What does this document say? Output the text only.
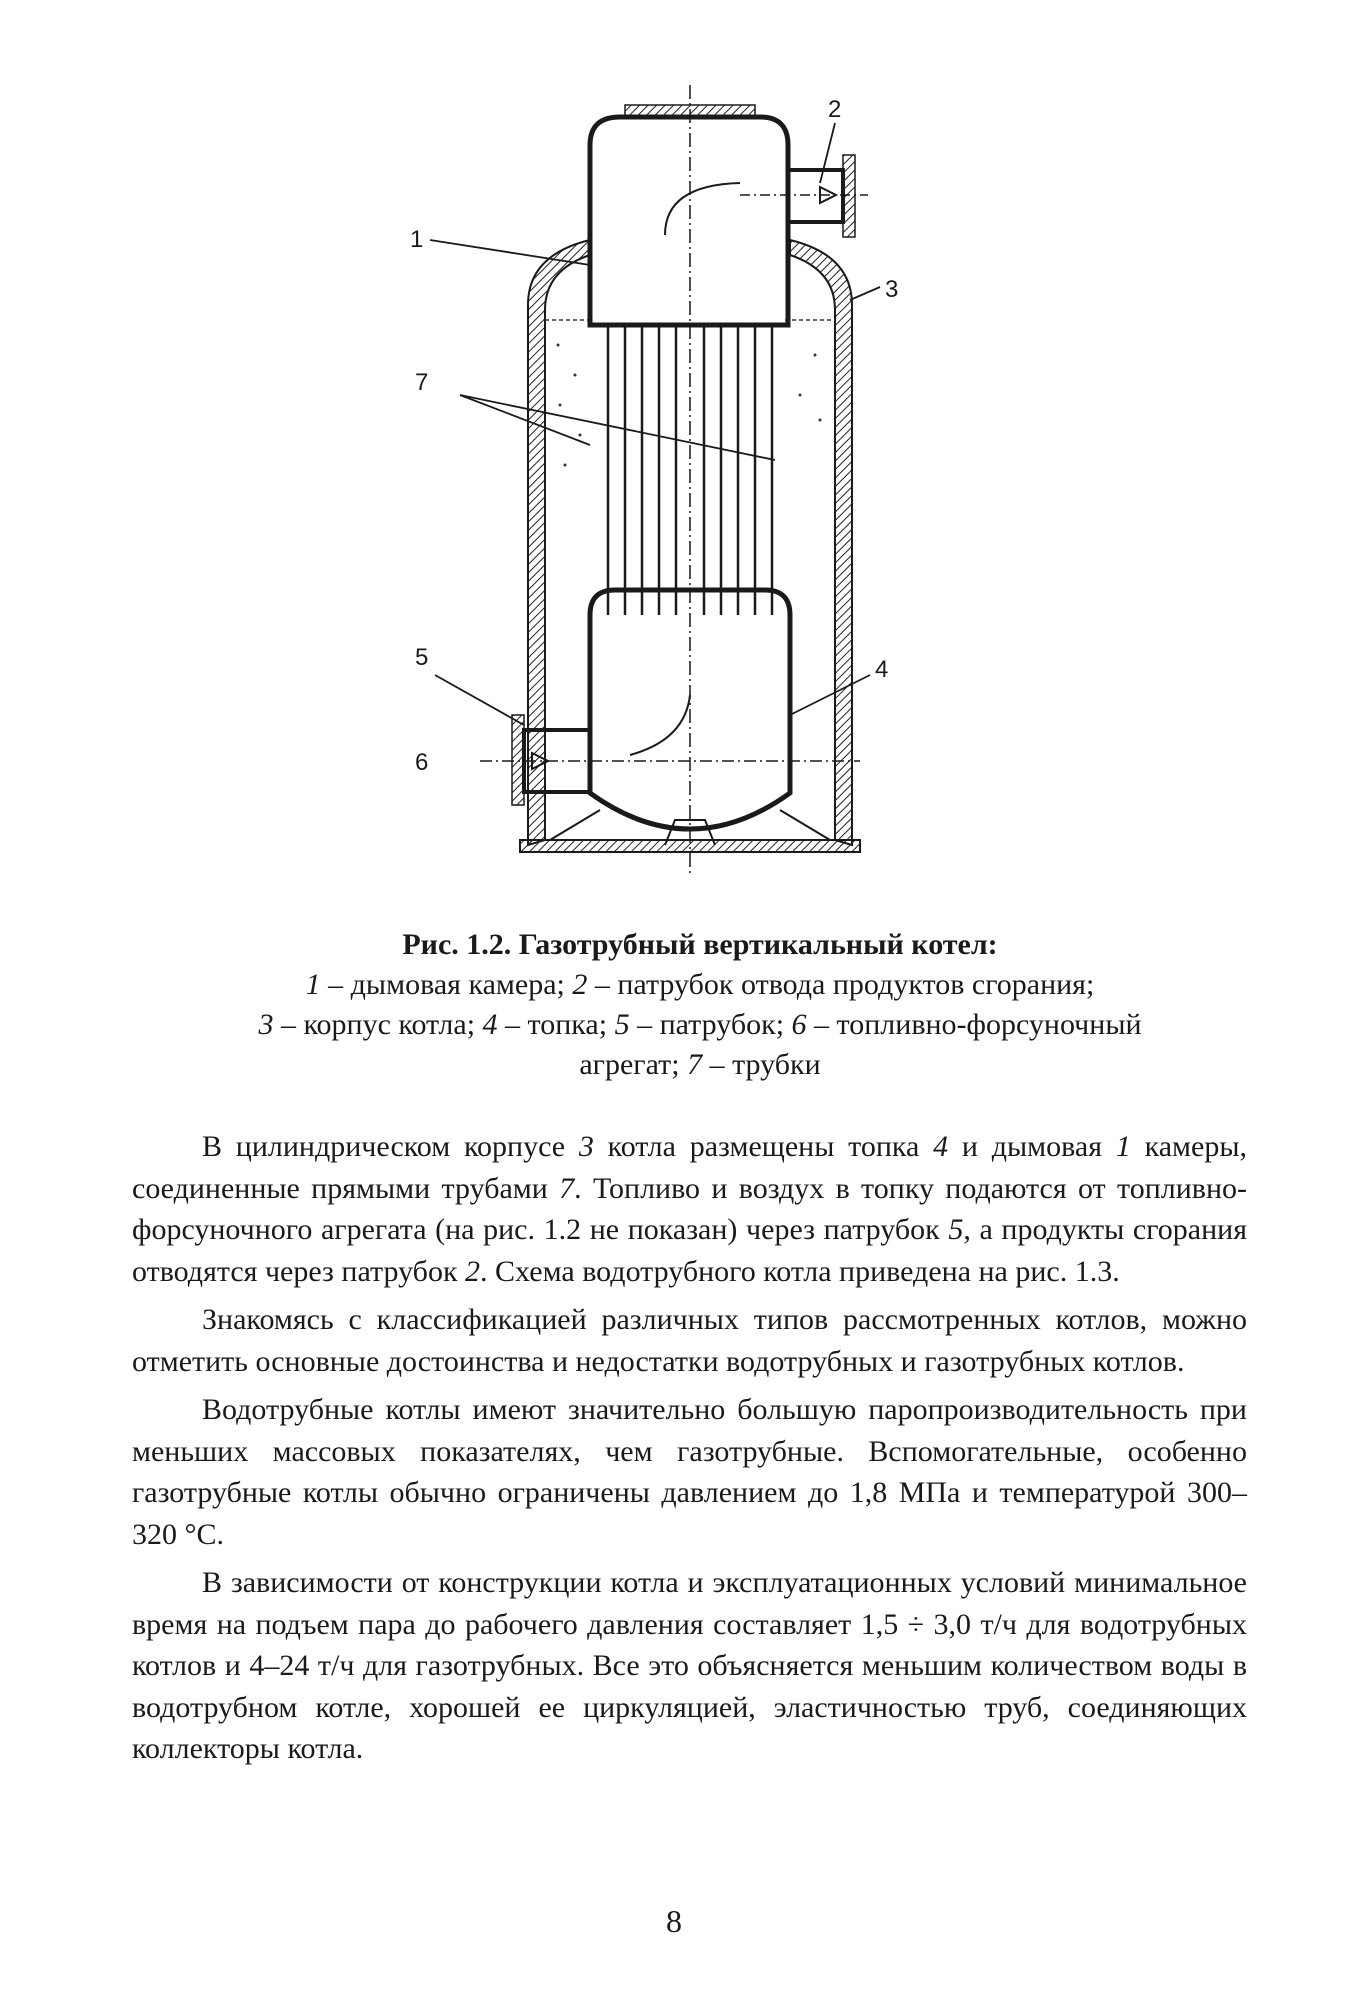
1
2
3
4
5
6
7
Рис. 1.2. Газотрубный вертикальный котел:
1 – дымовая камера; 2 – патрубок отвода продуктов сгорания;
3 – корпус котла; 4 – топка; 5 – патрубок; 6 – топливно-форсуночный
агрегат; 7 – трубки

В цилиндрическом корпусе 3 котла размещены топка 4 и дымовая 1 камеры, соединенные прямыми трубами 7. Топливо и воздух в топку подаются от топливно-форсуночного агрегата (на рис. 1.2 не показан) через патрубок 5, а продукты сгорания отводятся через патрубок 2. Схема водотрубного котла приведена на рис. 1.3.

Знакомясь с классификацией различных типов рассмотренных котлов, можно отметить основные достоинства и недостатки водотрубных и газотрубных котлов.

Водотрубные котлы имеют значительно большую паропроизводительность при меньших массовых показателях, чем газотрубные. Вспомогательные, особенно газотрубные котлы обычно ограничены давлением до 1,8 МПа и температурой 300–320 °C.

В зависимости от конструкции котла и эксплуатационных условий минимальное время на подъем пара до рабочего давления составляет 1,5 ÷ 3,0 т/ч для водотрубных котлов и 4–24 т/ч для газотрубных. Все это объясняется меньшим количеством воды в водотрубном котле, хорошей ее циркуляцией, эластичностью труб, соединяющих коллекторы котла.

8
